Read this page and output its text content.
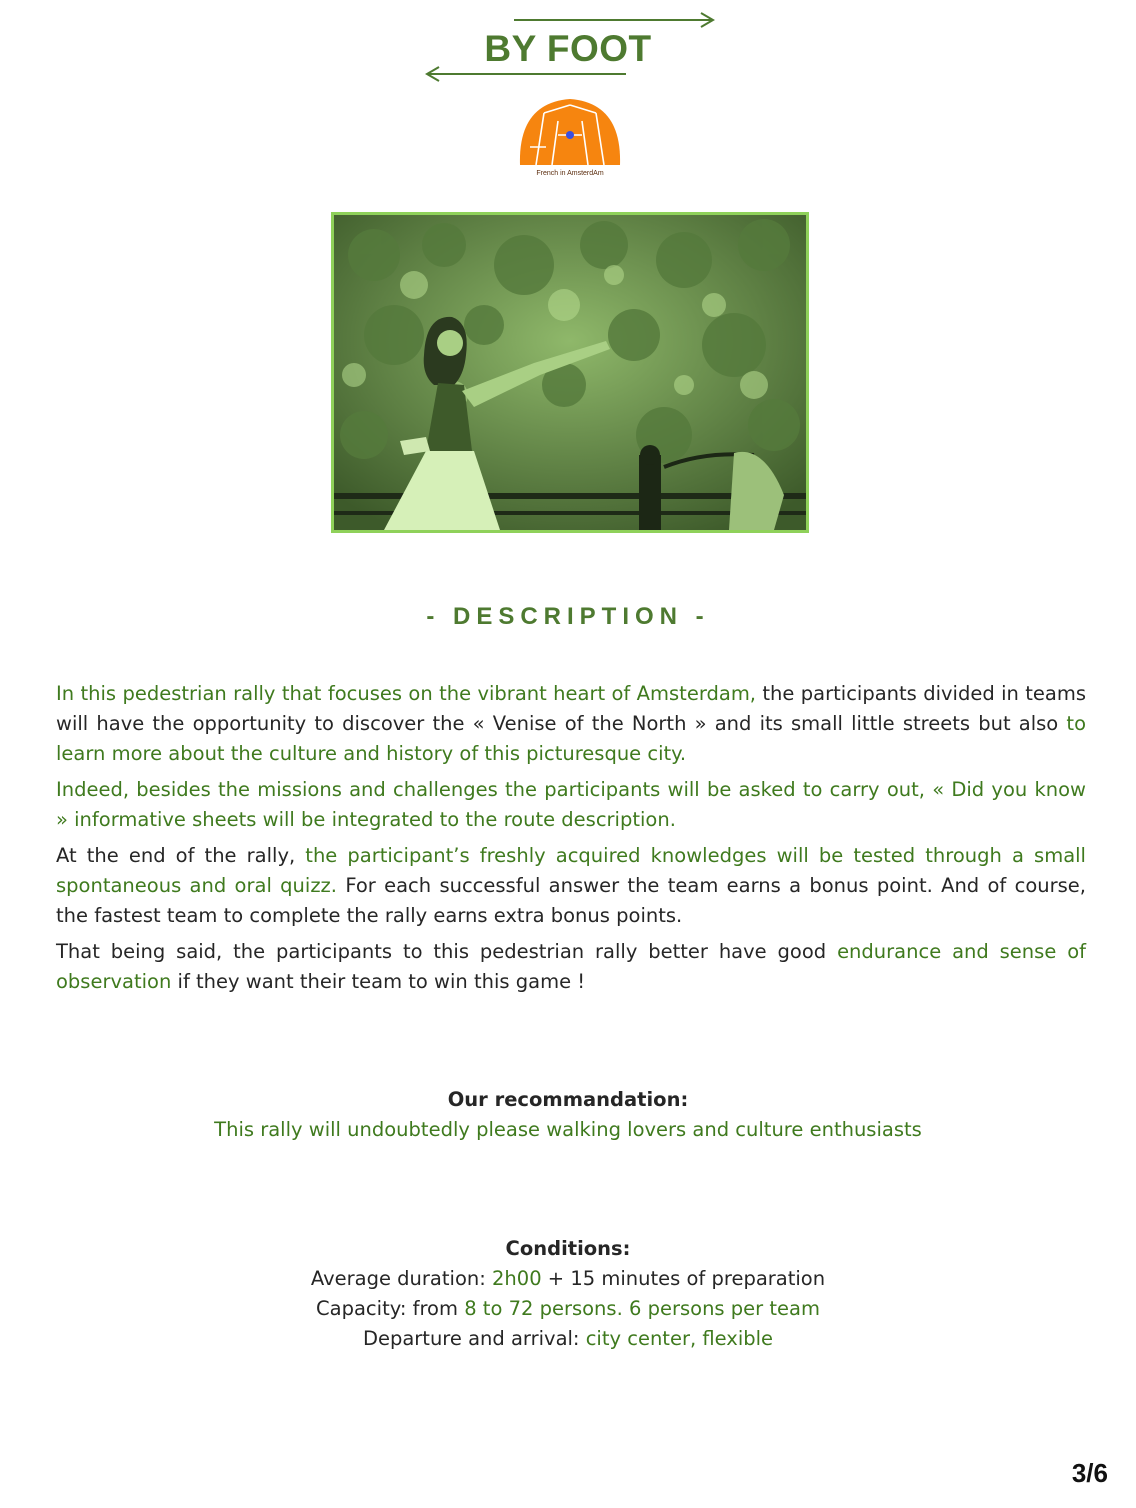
BY FOOT
French in AmsterdAm
- DESCRIPTION -

In this pedestrian rally that focuses on the vibrant heart of Amsterdam, the participants divided in teams will have the opportunity to discover the « Venise of the North » and its small little streets but also to learn more about the culture and history of this picturesque city.

Indeed, besides the missions and challenges the participants will be asked to carry out, « Did you know » informative sheets will be integrated to the route description.

At the end of the rally, the participant’s freshly acquired knowledges will be tested through a small spontaneous and oral quizz. For each successful answer the team earns a bonus point. And of course, the fastest team to complete the rally earns extra bonus points.

That being said, the participants to this pedestrian rally better have good endurance and sense of observation if they want their team to win this game !

Our recommandation:
This rally will undoubtedly please walking lovers and culture enthusiasts
Conditions:
Average duration: 2h00 + 15 minutes of preparation
Capacity: from 8 to 72 persons. 6 persons per team
Departure and arrival: city center, flexible
3/6
